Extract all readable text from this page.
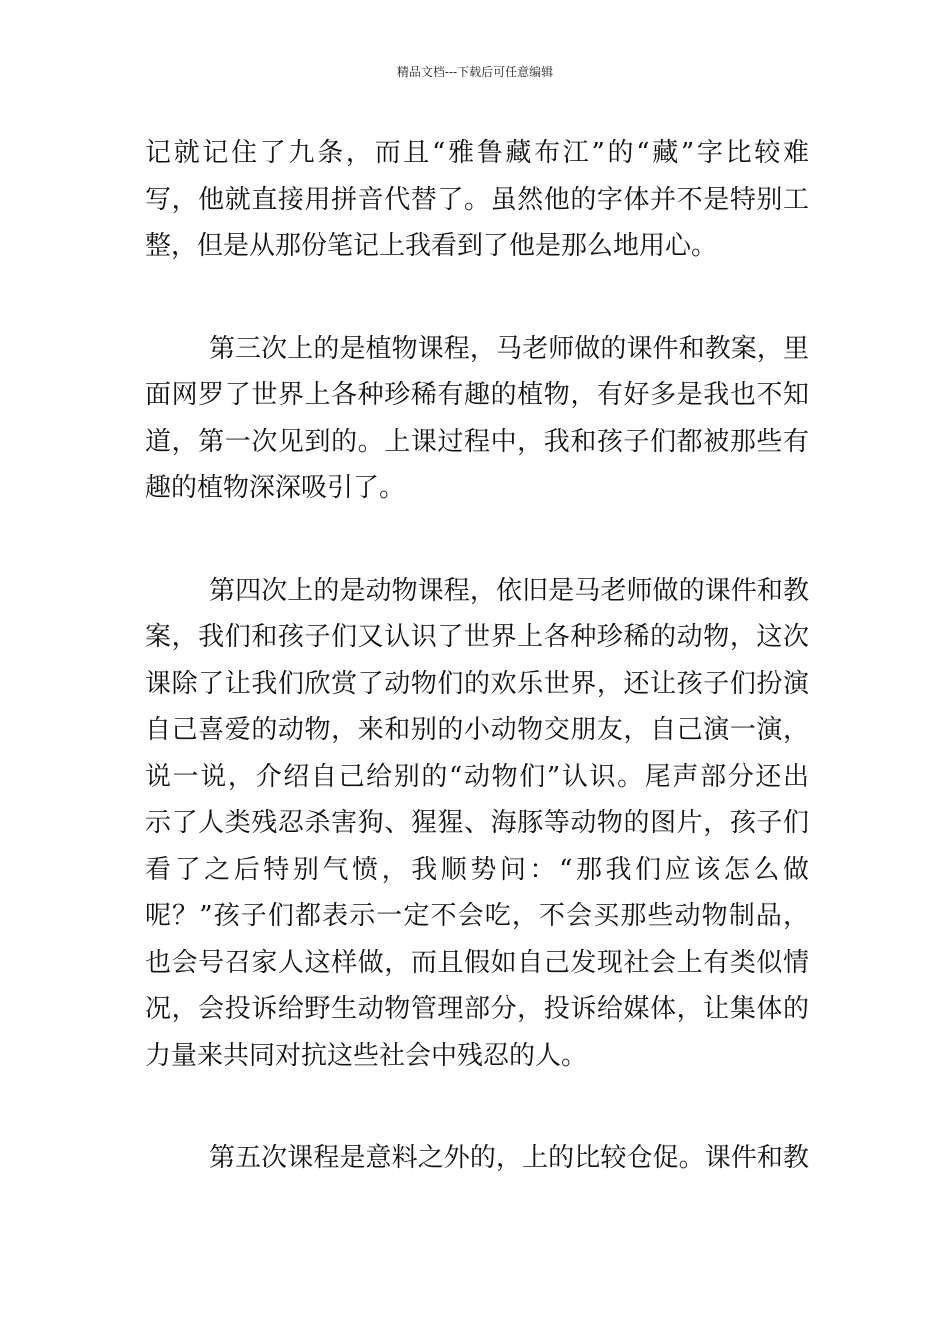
精品文档---下载后可任意编辑
记就记住了九条，而且“雅鲁藏布江”的“藏”字比较难
写，他就直接用拼音代替了。虽然他的字体并不是特别工
整，但是从那份笔记上我看到了他是那么地用心。
第三次上的是植物课程，马老师做的课件和教案，里
面网罗了世界上各种珍稀有趣的植物，有好多是我也不知
道，第一次见到的。上课过程中，我和孩子们都被那些有
趣的植物深深吸引了。
第四次上的是动物课程，依旧是马老师做的课件和教
案，我们和孩子们又认识了世界上各种珍稀的动物，这次
课除了让我们欣赏了动物们的欢乐世界，还让孩子们扮演
自己喜爱的动物，来和别的小动物交朋友，自己演一演，
说一说，介绍自己给别的“动物们”认识。尾声部分还出
示了人类残忍杀害狗、猩猩、海豚等动物的图片，孩子们
看了之后特别气愤，我顺势问：“那我们应该怎么做
呢？”孩子们都表示一定不会吃，不会买那些动物制品，
也会号召家人这样做，而且假如自己发现社会上有类似情
况，会投诉给野生动物管理部分，投诉给媒体，让集体的
力量来共同对抗这些社会中残忍的人。
第五次课程是意料之外的，上的比较仓促。课件和教
